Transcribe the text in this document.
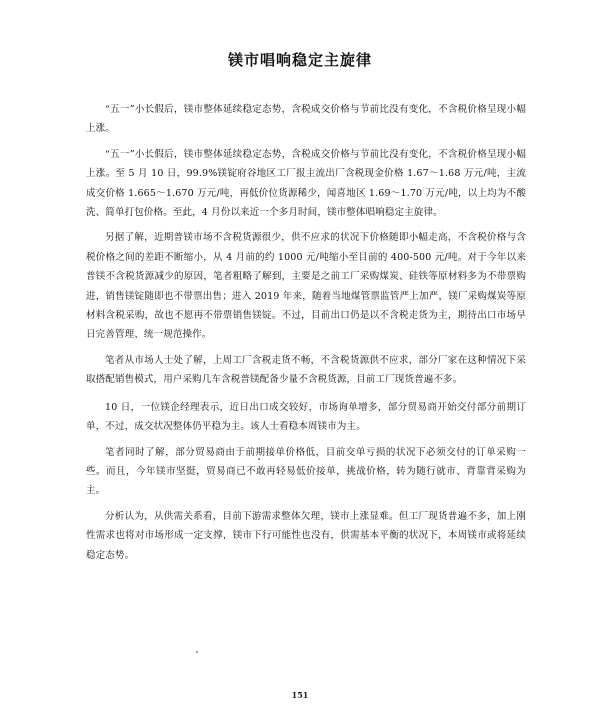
镁市唱响稳定主旋律

“五一”小长假后，镁市整体延续稳定态势，含税成交价格与节前比没有变化，不含税价格呈现小幅上涨。

“五一”小长假后，镁市整体延续稳定态势，含税成交价格与节前比没有变化，不含税价格呈现小幅上涨。至 5 月 10 日，99.9%镁锭府谷地区工厂报主流出厂含税现金价格 1.67～1.68 万元/吨，主流成交价格 1.665～1.670 万元/吨，再低价位货源稀少，闻喜地区 1.69～1.70 万元/吨，以上均为不酸洗、简单打包价格。至此，4 月份以来近一个多月时间，镁市整体唱响稳定主旋律。

另据了解，近期普镁市场不含税货源很少，供不应求的状况下价格随即小幅走高，不含税价格与含税价格之间的差距不断缩小，从 4 月前的约 1000 元/吨缩小至目前的 400-500 元/吨。对于今年以来普镁不含税货源减少的原因，笔者粗略了解到，主要是之前工厂采购煤炭、硅铁等原材料多为不带票购进，销售镁锭随即也不带票出售；进入 2019 年来，随着当地煤管票监管严上加严，镁厂采购煤炭等原材料含税采购，故也不愿再不带票销售镁锭。不过，目前出口仍是以不含税走货为主，期待出口市场早日完善管理、统一规范操作。

笔者从市场人士处了解，上周工厂含税走货不畅，不含税货源供不应求，部分厂家在这种情况下采取搭配销售模式，用户采购几车含税普镁配备少量不含税货源，目前工厂现货普遍不多。

10 日，一位镁企经理表示，近日出口成交较好，市场询单增多，部分贸易商开始交付部分前期订单，不过，成交状况整体仍平稳为主。该人士看稳本周镁市为主。

笔者同时了解，部分贸易商由于前期接单价格低，目前交单亏损的状况下必须交付的订单采购一些。而且，今年镁市坚挺，贸易商已不敢再轻易低价接单，挑战价格，转为随行就市、背靠背采购为主。

分析认为，从供需关系看，目前下游需求整体欠理，镁市上涨显难。但工厂现货普遍不多，加上刚性需求也将对市场形成一定支撑，镁市下行可能性也没有，供需基本平衡的状况下，本周镁市或将延续稳定态势。

151
